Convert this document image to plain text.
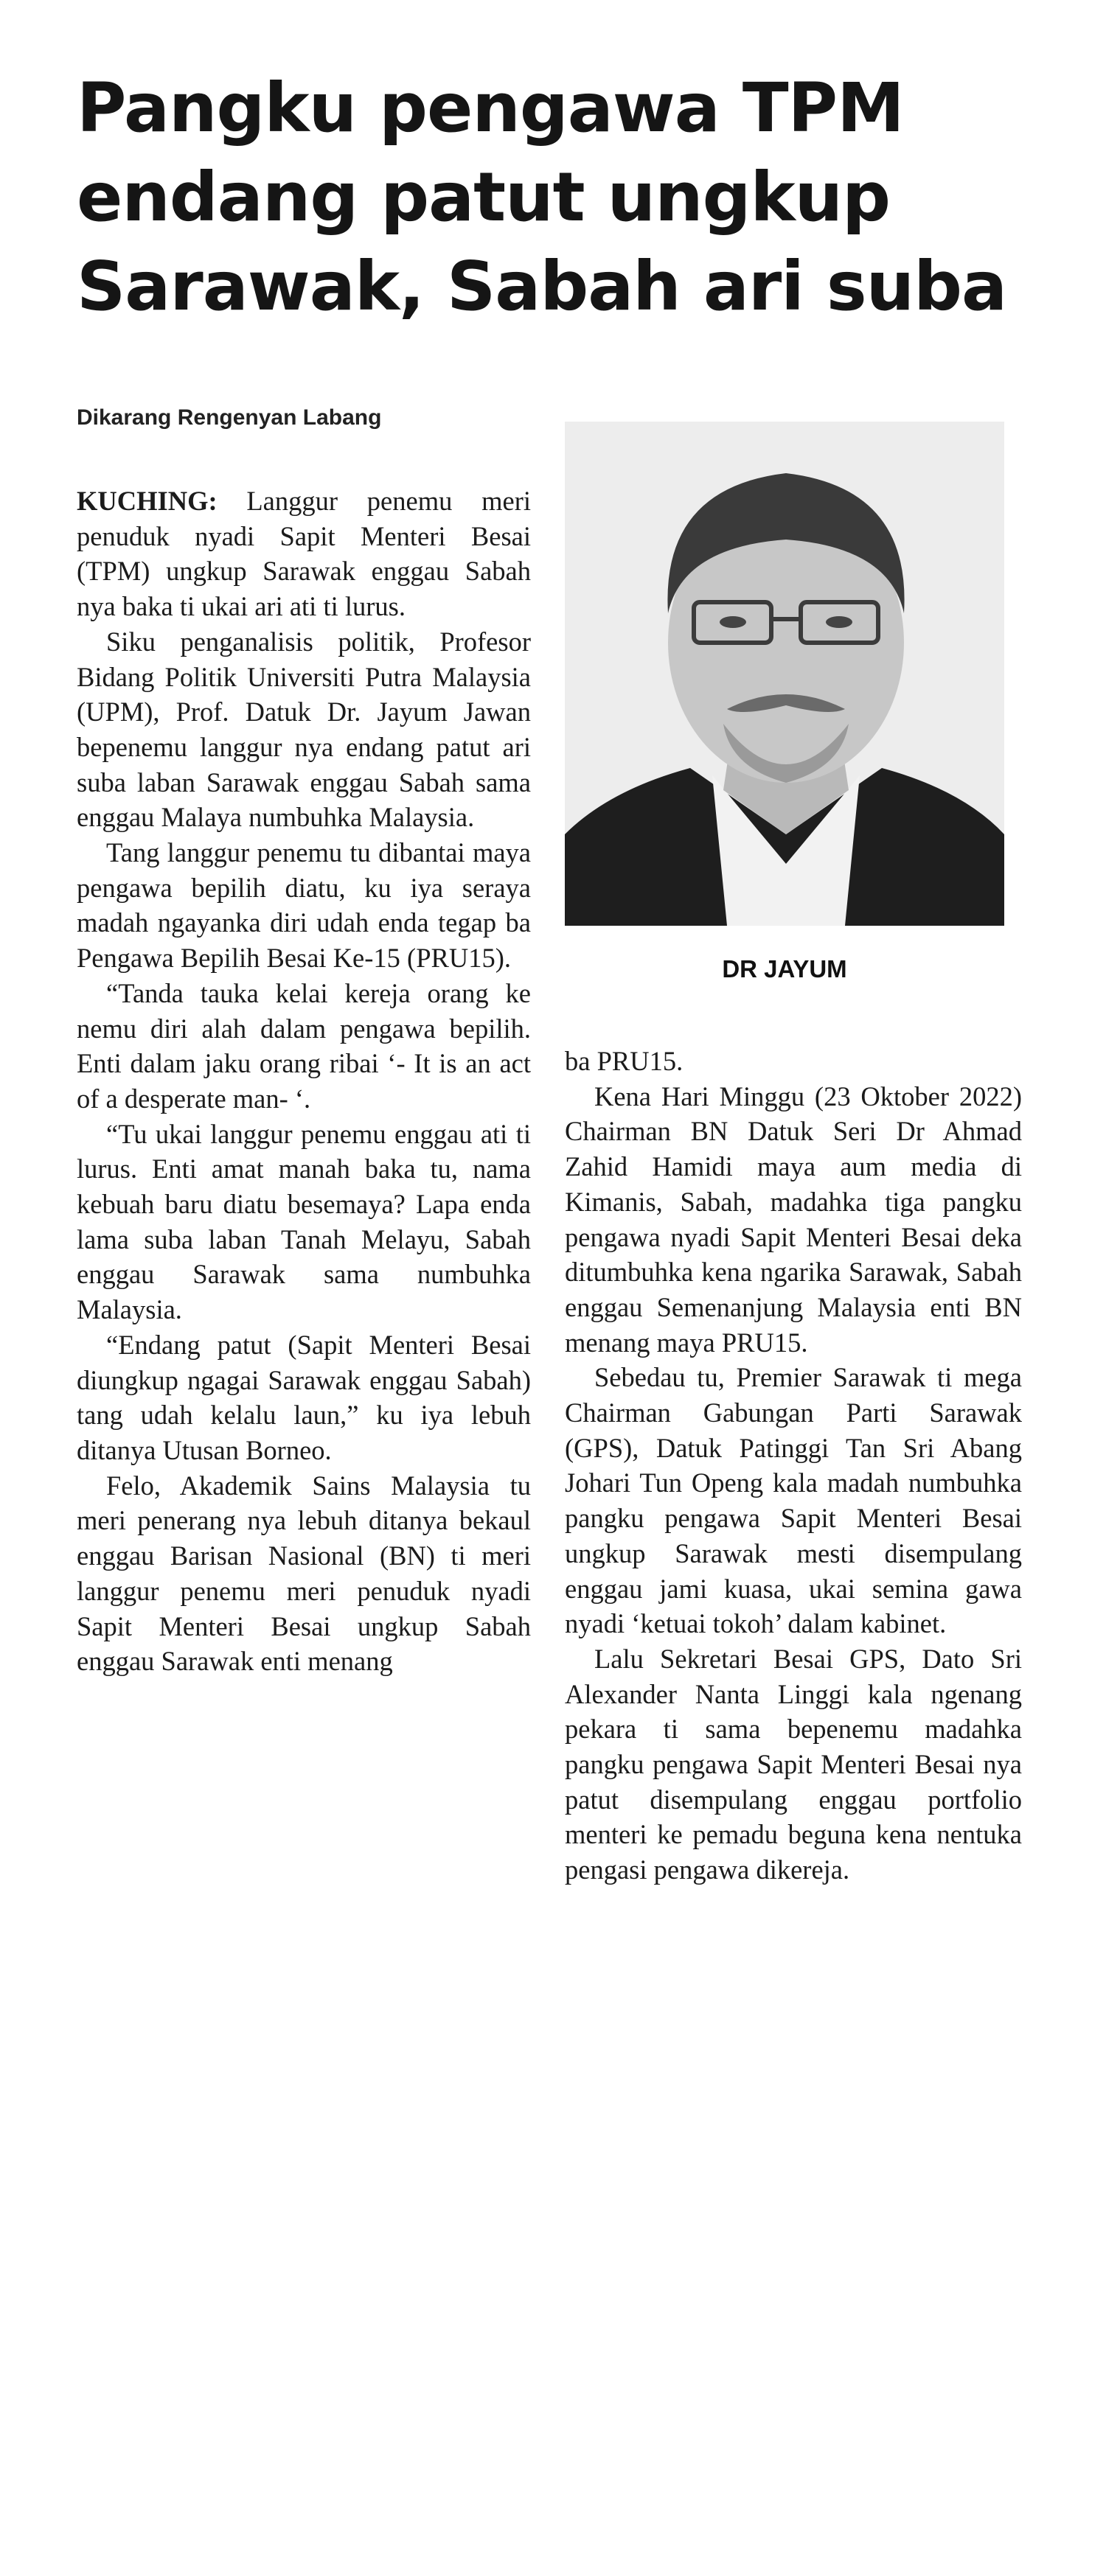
Pangku pengawa TPM
endang patut ungkup
Sarawak, Sabah ari suba
Dikarang Rengenyan Labang

KUCHING: Langgur penemu meri penuduk nyadi Sapit Menteri Besai (TPM) ungkup Sarawak enggau Sabah nya baka ti ukai ari ati ti lurus.

Siku penganalisis politik, Profesor Bidang Politik Universiti Putra Malaysia (UPM), Prof. Datuk Dr. Jayum Jawan bepenemu langgur nya endang patut ari suba laban Sarawak enggau Sabah sama enggau Malaya numbuhka Malaysia.

Tang langgur penemu tu dibantai maya pengawa bepilih diatu, ku iya seraya madah ngayanka diri udah enda tegap ba Pengawa Bepilih Besai Ke-15 (PRU15).

“Tanda tauka kelai kereja orang ke nemu diri alah dalam pengawa bepilih. Enti dalam jaku orang ribai ‘- It is an act of a desperate man- ‘.

“Tu ukai langgur penemu enggau ati ti lurus. Enti amat manah baka tu, nama kebuah baru diatu besemaya? Lapa enda lama suba laban Tanah Melayu, Sabah enggau Sarawak sama numbuhka Malaysia.

“Endang patut (Sapit Menteri Besai diungkup ngagai Sarawak enggau Sabah) tang udah kelalu laun,” ku iya lebuh ditanya Utusan Borneo.

Felo, Akademik Sains Malaysia tu meri penerang nya lebuh ditanya bekaul enggau Barisan Nasional (BN) ti meri langgur penemu meri penuduk nyadi Sapit Menteri Besai ungkup Sabah enggau Sarawak enti menang

DR JAYUM

ba PRU15.

Kena Hari Minggu (23 Oktober 2022) Chairman BN Datuk Seri Dr Ahmad Zahid Hamidi maya aum media di Kimanis, Sabah, madahka tiga pangku pengawa nyadi Sapit Menteri Besai deka ditumbuhka kena ngarika Sarawak, Sabah enggau Semenanjung Malaysia enti BN menang maya PRU15.

Sebedau tu, Premier Sarawak ti mega Chairman Gabungan Parti Sarawak (GPS), Datuk Patinggi Tan Sri Abang Johari Tun Openg kala madah numbuhka pangku pengawa Sapit Menteri Besai ungkup Sarawak mesti disempulang enggau jami kuasa, ukai semina gawa nyadi ‘ketuai tokoh’ dalam kabinet.

Lalu Sekretari Besai GPS, Dato Sri Alexander Nanta Linggi kala ngenang pekara ti sama bepenemu madahka pangku pengawa Sapit Menteri Besai nya patut disempulang enggau portfolio menteri ke pemadu beguna kena nentuka pengasi pengawa dikereja.
